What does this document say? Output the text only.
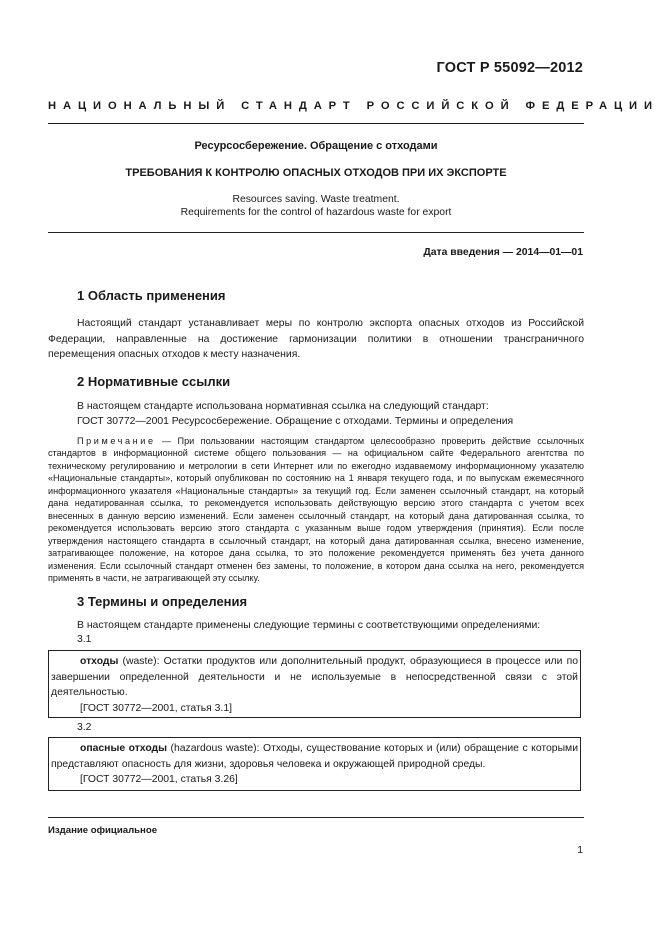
ГОСТ Р 55092—2012
НАЦИОНАЛЬНЫЙ СТАНДАРТ РОССИЙСКОЙ ФЕДЕРАЦИИ
Ресурсосбережение. Обращение с отходами
ТРЕБОВАНИЯ К КОНТРОЛЮ ОПАСНЫХ ОТХОДОВ ПРИ ИХ ЭКСПОРТЕ
Resources saving. Waste treatment.
Requirements for the control of hazardous waste for export
Дата введения — 2014—01—01
1 Область применения
Настоящий стандарт устанавливает меры по контролю экспорта опасных отходов из Российской Федерации, направленные на достижение гармонизации политики в отношении трансграничного перемещения опасных отходов к месту назначения.
2 Нормативные ссылки
В настоящем стандарте использована нормативная ссылка на следующий стандарт:
ГОСТ 30772—2001 Ресурсосбережение. Обращение с отходами. Термины и определения
Примечание — При пользовании настоящим стандартом целесообразно проверить действие ссылочных стандартов в информационной системе общего пользования — на официальном сайте Федерального агентства по техническому регулированию и метрологии в сети Интернет или по ежегодно издаваемому информационному указателю «Национальные стандарты», который опубликован по состоянию на 1 января текущего года, и по выпускам ежемесячного информационного указателя «Национальные стандарты» за текущий год. Если заменен ссылочный стандарт, на который дана недатированная ссылка, то рекомендуется использовать действующую версию этого стандарта с учетом всех внесенных в данную версию изменений. Если заменен ссылочный стандарт, на который дана датированная ссылка, то рекомендуется использовать версию этого стандарта с указанным выше годом утверждения (принятия). Если после утверждения настоящего стандарта в ссылочный стандарт, на который дана датированная ссылка, внесено изменение, затрагивающее положение, на которое дана ссылка, то это положение рекомендуется применять без учета данного изменения. Если ссылочный стандарт отменен без замены, то положение, в котором дана ссылка на него, рекомендуется применять в части, не затрагивающей эту ссылку.
3 Термины и определения
В настоящем стандарте применены следующие термины с соответствующими определениями:
3.1
отходы (waste): Остатки продуктов или дополнительный продукт, образующиеся в процессе или по завершении определенной деятельности и не используемые в непосредственной связи с этой деятельностью.
[ГОСТ 30772—2001, статья 3.1]
3.2
опасные отходы (hazardous waste): Отходы, существование которых и (или) обращение с которыми представляют опасность для жизни, здоровья человека и окружающей природной среды.
[ГОСТ 30772—2001, статья 3.26]
Издание официальное
1
